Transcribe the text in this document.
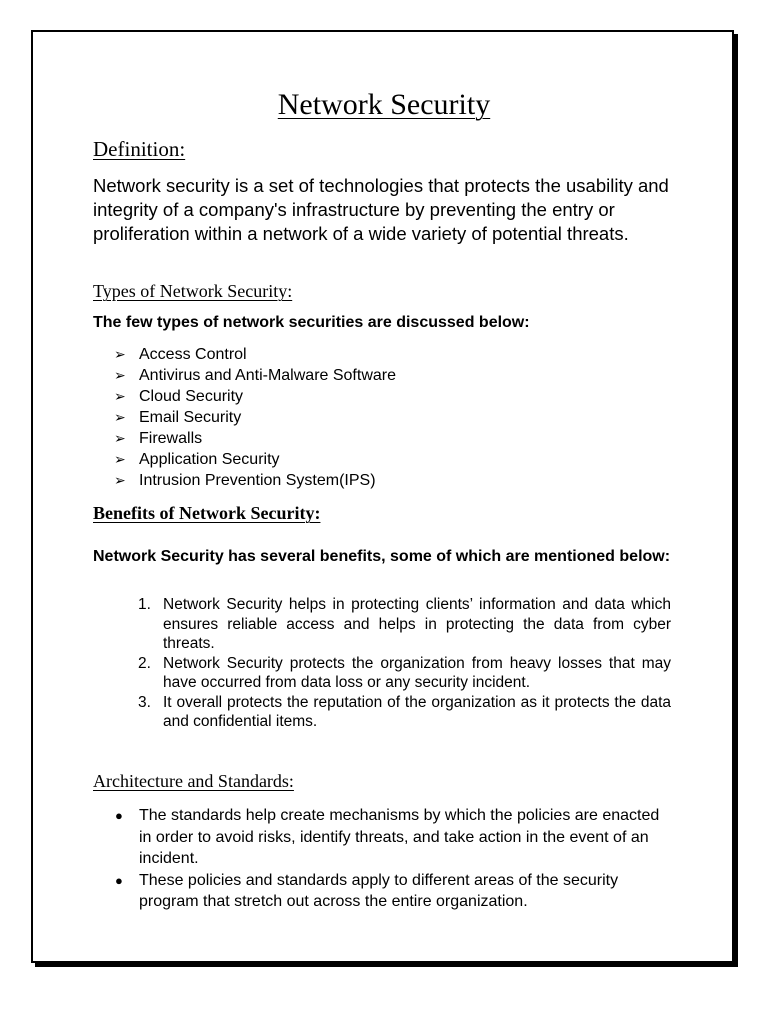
Network Security
Definition:
Network security is a set of technologies that protects the usability and integrity of a company's infrastructure by preventing the entry or proliferation within a network of a wide variety of potential threats.
Types of Network Security:
The few types of network securities are discussed below:
➢ Access Control
➢ Antivirus and Anti-Malware Software
➢ Cloud Security
➢ Email Security
➢ Firewalls
➢ Application Security
➢ Intrusion Prevention System(IPS)
Benefits of Network Security:
Network Security has several benefits, some of which are mentioned below:
1. Network Security helps in protecting clients’ information and data which ensures reliable access and helps in protecting the data from cyber threats.
2. Network Security protects the organization from heavy losses that may have occurred from data loss or any security incident.
3. It overall protects the reputation of the organization as it protects the data and confidential items.
Architecture and Standards:
● The standards help create mechanisms by which the policies are enacted in order to avoid risks, identify threats, and take action in the event of an incident.
● These policies and standards apply to different areas of the security program that stretch out across the entire organization.
